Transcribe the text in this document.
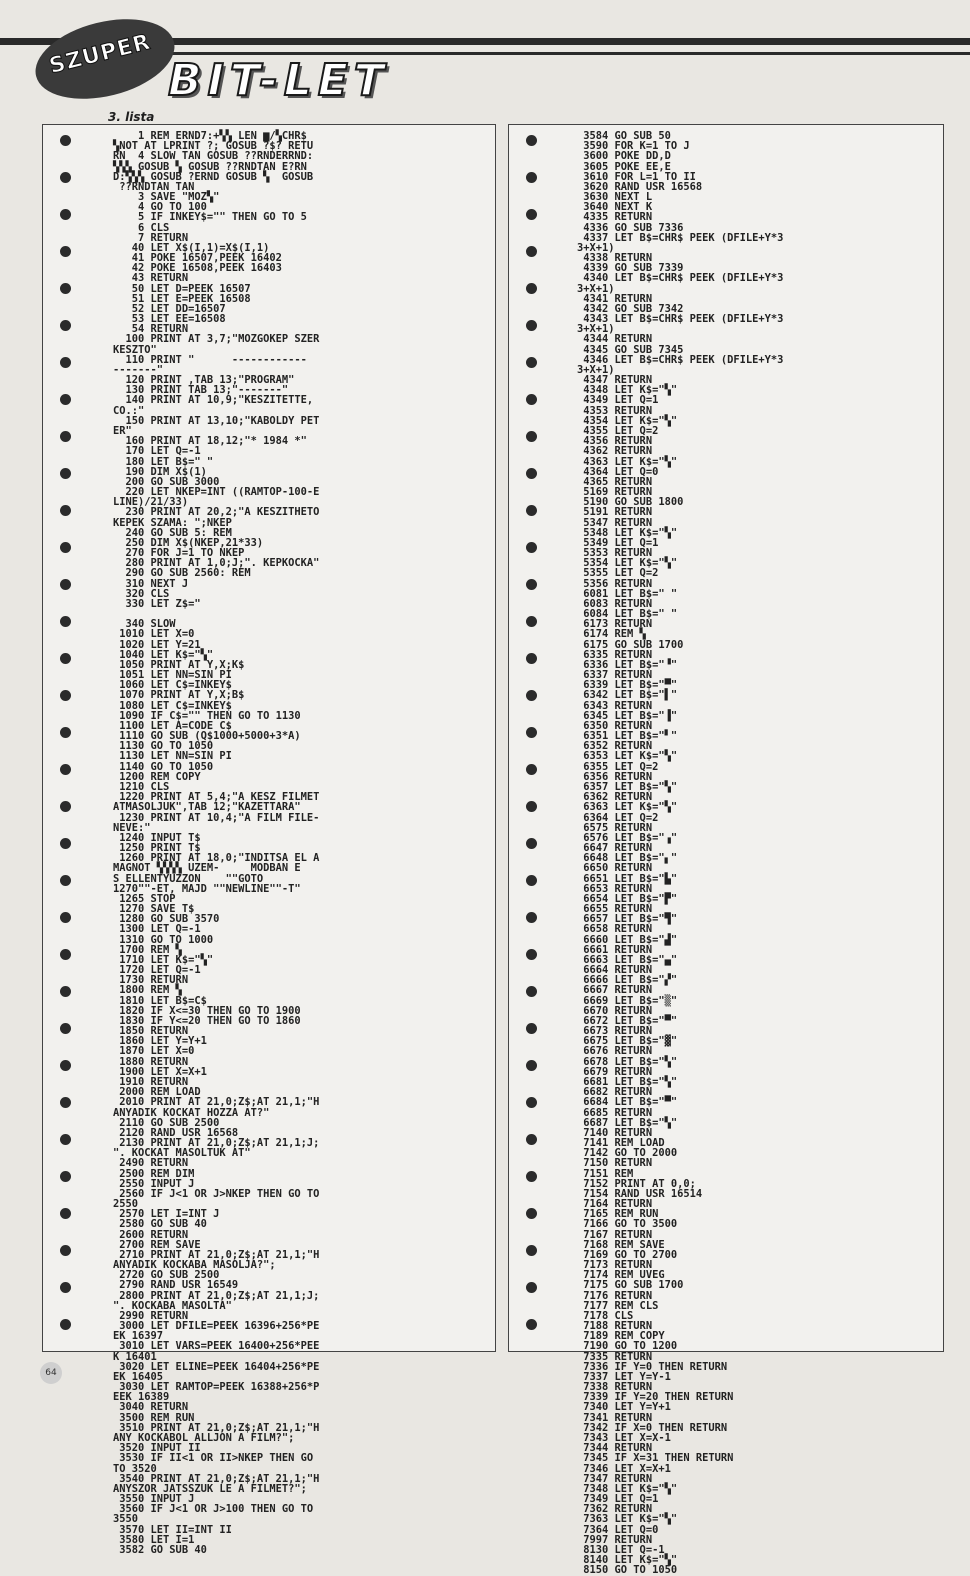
SZUPER
BIT-LET
3. lista
1 REM ERND7:+▚▚ LEN ▆/▚CHR$
▚NOT AT LPRINT ?; GOSUB ?$? RETU
RN  4 SLOW TAN GOSUB ??RNDERRND:
▚▚▚ GOSUB ▚ GOSUB ??RNDTAN E?RN
D:▚▚▚ GOSUB ?ERND GOSUB ▚  GOSUB
??RNDTAN TAN
3 SAVE "MOZ▚"
4 GO TO 100
5 IF INKEY$="" THEN GO TO 5
6 CLS
7 RETURN
40 LET X$(I,1)=X$(I,1)
41 POKE 16507,PEEK 16402
42 POKE 16508,PEEK 16403
43 RETURN
50 LET D=PEEK 16507
51 LET E=PEEK 16508
52 LET DD=16507
53 LET EE=16508
54 RETURN
100 PRINT AT 3,7;"MOZGOKEP SZER
KESZTO"
110 PRINT "      ------------
-------"
120 PRINT ,TAB 13;"PROGRAM"
130 PRINT TAB 13;"-------"
140 PRINT AT 10,9;"KESZITETTE,
CO.:"
150 PRINT AT 13,10;"KABOLDY PET
ER"
160 PRINT AT 18,12;"* 1984 *"
170 LET Q=-1
180 LET B$=" "
190 DIM X$(1)
200 GO SUB 3000
220 LET NKEP=INT ((RAMTOP-100-E
LINE)/21/33)
230 PRINT AT 20,2;"A KESZITHETO
KEPEK SZAMA: ";NKEP
240 GO SUB 5: REM
250 DIM X$(NKEP,21*33)
270 FOR J=1 TO NKEP
280 PRINT AT 1,0;J;". KEPKOCKA"
290 GO SUB 2560: REM
310 NEXT J
320 CLS
330 LET Z$="

340 SLOW
1010 LET X=0
1020 LET Y=21
1040 LET K$="▚"
1050 PRINT AT Y,X;K$
1051 LET NN=SIN PI
1060 LET C$=INKEY$
1070 PRINT AT Y,X;B$
1080 LET C$=INKEY$
1090 IF C$="" THEN GO TO 1130
1100 LET A=CODE C$
1110 GO SUB (Q$1000+5000+3*A)
1130 GO TO 1050
1130 LET NN=SIN PI
1140 GO TO 1050
1200 REM COPY
1210 CLS
1220 PRINT AT 5,4;"A KESZ FILMET
ATMASOLJUK",TAB 12;"KAZETTARA"
1230 PRINT AT 10,4;"A FILM FILE-
NEVE:"
1240 INPUT T$
1250 PRINT T$
1260 PRINT AT 18,0;"INDITSA EL A
MAGNOT ▚▚▚▚ UZEM-     MODBAN E
S ELLENTYUZZON    ""GOTO
1270""-ET, MAJD ""NEWLINE""-T"
1265 STOP
1270 SAVE T$
1280 GO SUB 3570
1300 LET Q=-1
1310 GO TO 1000
1700 REM ▚
1710 LET K$="▚"
1720 LET Q=-1
1730 RETURN
1800 REM ▚
1810 LET B$=C$
1820 IF X<=30 THEN GO TO 1900
1830 IF Y<=20 THEN GO TO 1860
1850 RETURN
1860 LET Y=Y+1
1870 LET X=0
1880 RETURN
1900 LET X=X+1
1910 RETURN
2000 REM LOAD
2010 PRINT AT 21,0;Z$;AT 21,1;"H
ANYADIK KOCKAT HOZZA AT?"
2110 GO SUB 2500
2120 RAND USR 16568
2130 PRINT AT 21,0;Z$;AT 21,1;J;
". KOCKAT MASOLTUK AT"
2490 RETURN
2500 REM DIM
2550 INPUT J
2560 IF J<1 OR J>NKEP THEN GO TO
2550
2570 LET I=INT J
2580 GO SUB 40
2600 RETURN
2700 REM SAVE
2710 PRINT AT 21,0;Z$;AT 21,1;"H
ANYADIK KOCKABA MASOLJA?";
2720 GO SUB 2500
2790 RAND USR 16549
2800 PRINT AT 21,0;Z$;AT 21,1;J;
". KOCKABA MASOLTA"
2990 RETURN
3000 LET DFILE=PEEK 16396+256*PE
EK 16397
3010 LET VARS=PEEK 16400+256*PEE
K 16401
3020 LET ELINE=PEEK 16404+256*PE
EK 16405
3030 LET RAMTOP=PEEK 16388+256*P
EEK 16389
3040 RETURN
3500 REM RUN
3510 PRINT AT 21,0;Z$;AT 21,1;"H
ANY KOCKABOL ALLJON A FILM?";
3520 INPUT II
3530 IF II<1 OR II>NKEP THEN GO
TO 3520
3540 PRINT AT 21,0;Z$;AT 21,1;"H
ANYSZOR JATSSZUK LE A FILMET?";
3550 INPUT J
3560 IF J<1 OR J>100 THEN GO TO
3550
3570 LET II=INT II
3580 LET I=1
3582 GO SUB 40
3584 GO SUB 50
3590 FOR K=1 TO J
3600 POKE DD,D
3605 POKE EE,E
3610 FOR L=1 TO II
3620 RAND USR 16568
3630 NEXT L
3640 NEXT K
4335 RETURN
4336 GO SUB 7336
4337 LET B$=CHR$ PEEK (DFILE+Y*3
3+X+1)
4338 RETURN
4339 GO SUB 7339
4340 LET B$=CHR$ PEEK (DFILE+Y*3
3+X+1)
4341 RETURN
4342 GO SUB 7342
4343 LET B$=CHR$ PEEK (DFILE+Y*3
3+X+1)
4344 RETURN
4345 GO SUB 7345
4346 LET B$=CHR$ PEEK (DFILE+Y*3
3+X+1)
4347 RETURN
4348 LET K$="▚"
4349 LET Q=1
4353 RETURN
4354 LET K$="▚"
4355 LET Q=2
4356 RETURN
4362 RETURN
4363 LET K$="▚"
4364 LET Q=0
4365 RETURN
5169 RETURN
5190 GO SUB 1800
5191 RETURN
5347 RETURN
5348 LET K$="▚"
5349 LET Q=1
5353 RETURN
5354 LET K$="▚"
5355 LET Q=2
5356 RETURN
6081 LET B$=" "
6083 RETURN
6084 LET B$=" "
6173 RETURN
6174 REM ▚
6175 GO SUB 1700
6335 RETURN
6336 LET B$="▝"
6337 RETURN
6339 LET B$="▀"
6342 LET B$="▌"
6343 RETURN
6345 LET B$="▐"
6350 RETURN
6351 LET B$="▘"
6352 RETURN
6353 LET K$="▚"
6355 LET Q=2
6356 RETURN
6357 LET B$="▚"
6362 RETURN
6363 LET K$="▚"
6364 LET Q=2
6575 RETURN
6576 LET B$="▗"
6647 RETURN
6648 LET B$="▖"
6650 RETURN
6651 LET B$="▙"
6653 RETURN
6654 LET B$="▛"
6655 RETURN
6657 LET B$="▜"
6658 RETURN
6660 LET B$="▟"
6661 RETURN
6663 LET B$="▄"
6664 RETURN
6666 LET B$="▞"
6667 RETURN
6669 LET B$="▒"
6670 RETURN
6672 LET B$="▀"
6673 RETURN
6675 LET B$="▓"
6676 RETURN
6678 LET B$="▚"
6679 RETURN
6681 LET B$="▚"
6682 RETURN
6684 LET B$="▀"
6685 RETURN
6687 LET B$="▚"
7140 RETURN
7141 REM LOAD
7142 GO TO 2000
7150 RETURN
7151 REM
7152 PRINT AT 0,0;
7154 RAND USR 16514
7164 RETURN
7165 REM RUN
7166 GO TO 3500
7167 RETURN
7168 REM SAVE
7169 GO TO 2700
7173 RETURN
7174 REM UVEG
7175 GO SUB 1700
7176 RETURN
7177 REM CLS
7178 CLS
7188 RETURN
7189 REM COPY
7190 GO TO 1200
7335 RETURN
7336 IF Y=0 THEN RETURN
7337 LET Y=Y-1
7338 RETURN
7339 IF Y=20 THEN RETURN
7340 LET Y=Y+1
7341 RETURN
7342 IF X=0 THEN RETURN
7343 LET X=X-1
7344 RETURN
7345 IF X=31 THEN RETURN
7346 LET X=X+1
7347 RETURN
7348 LET K$="▚"
7349 LET Q=1
7362 RETURN
7363 LET K$="▚"
7364 LET Q=0
7997 RETURN
8130 LET Q=-1
8140 LET K$="▚"
8150 GO TO 1050
64
